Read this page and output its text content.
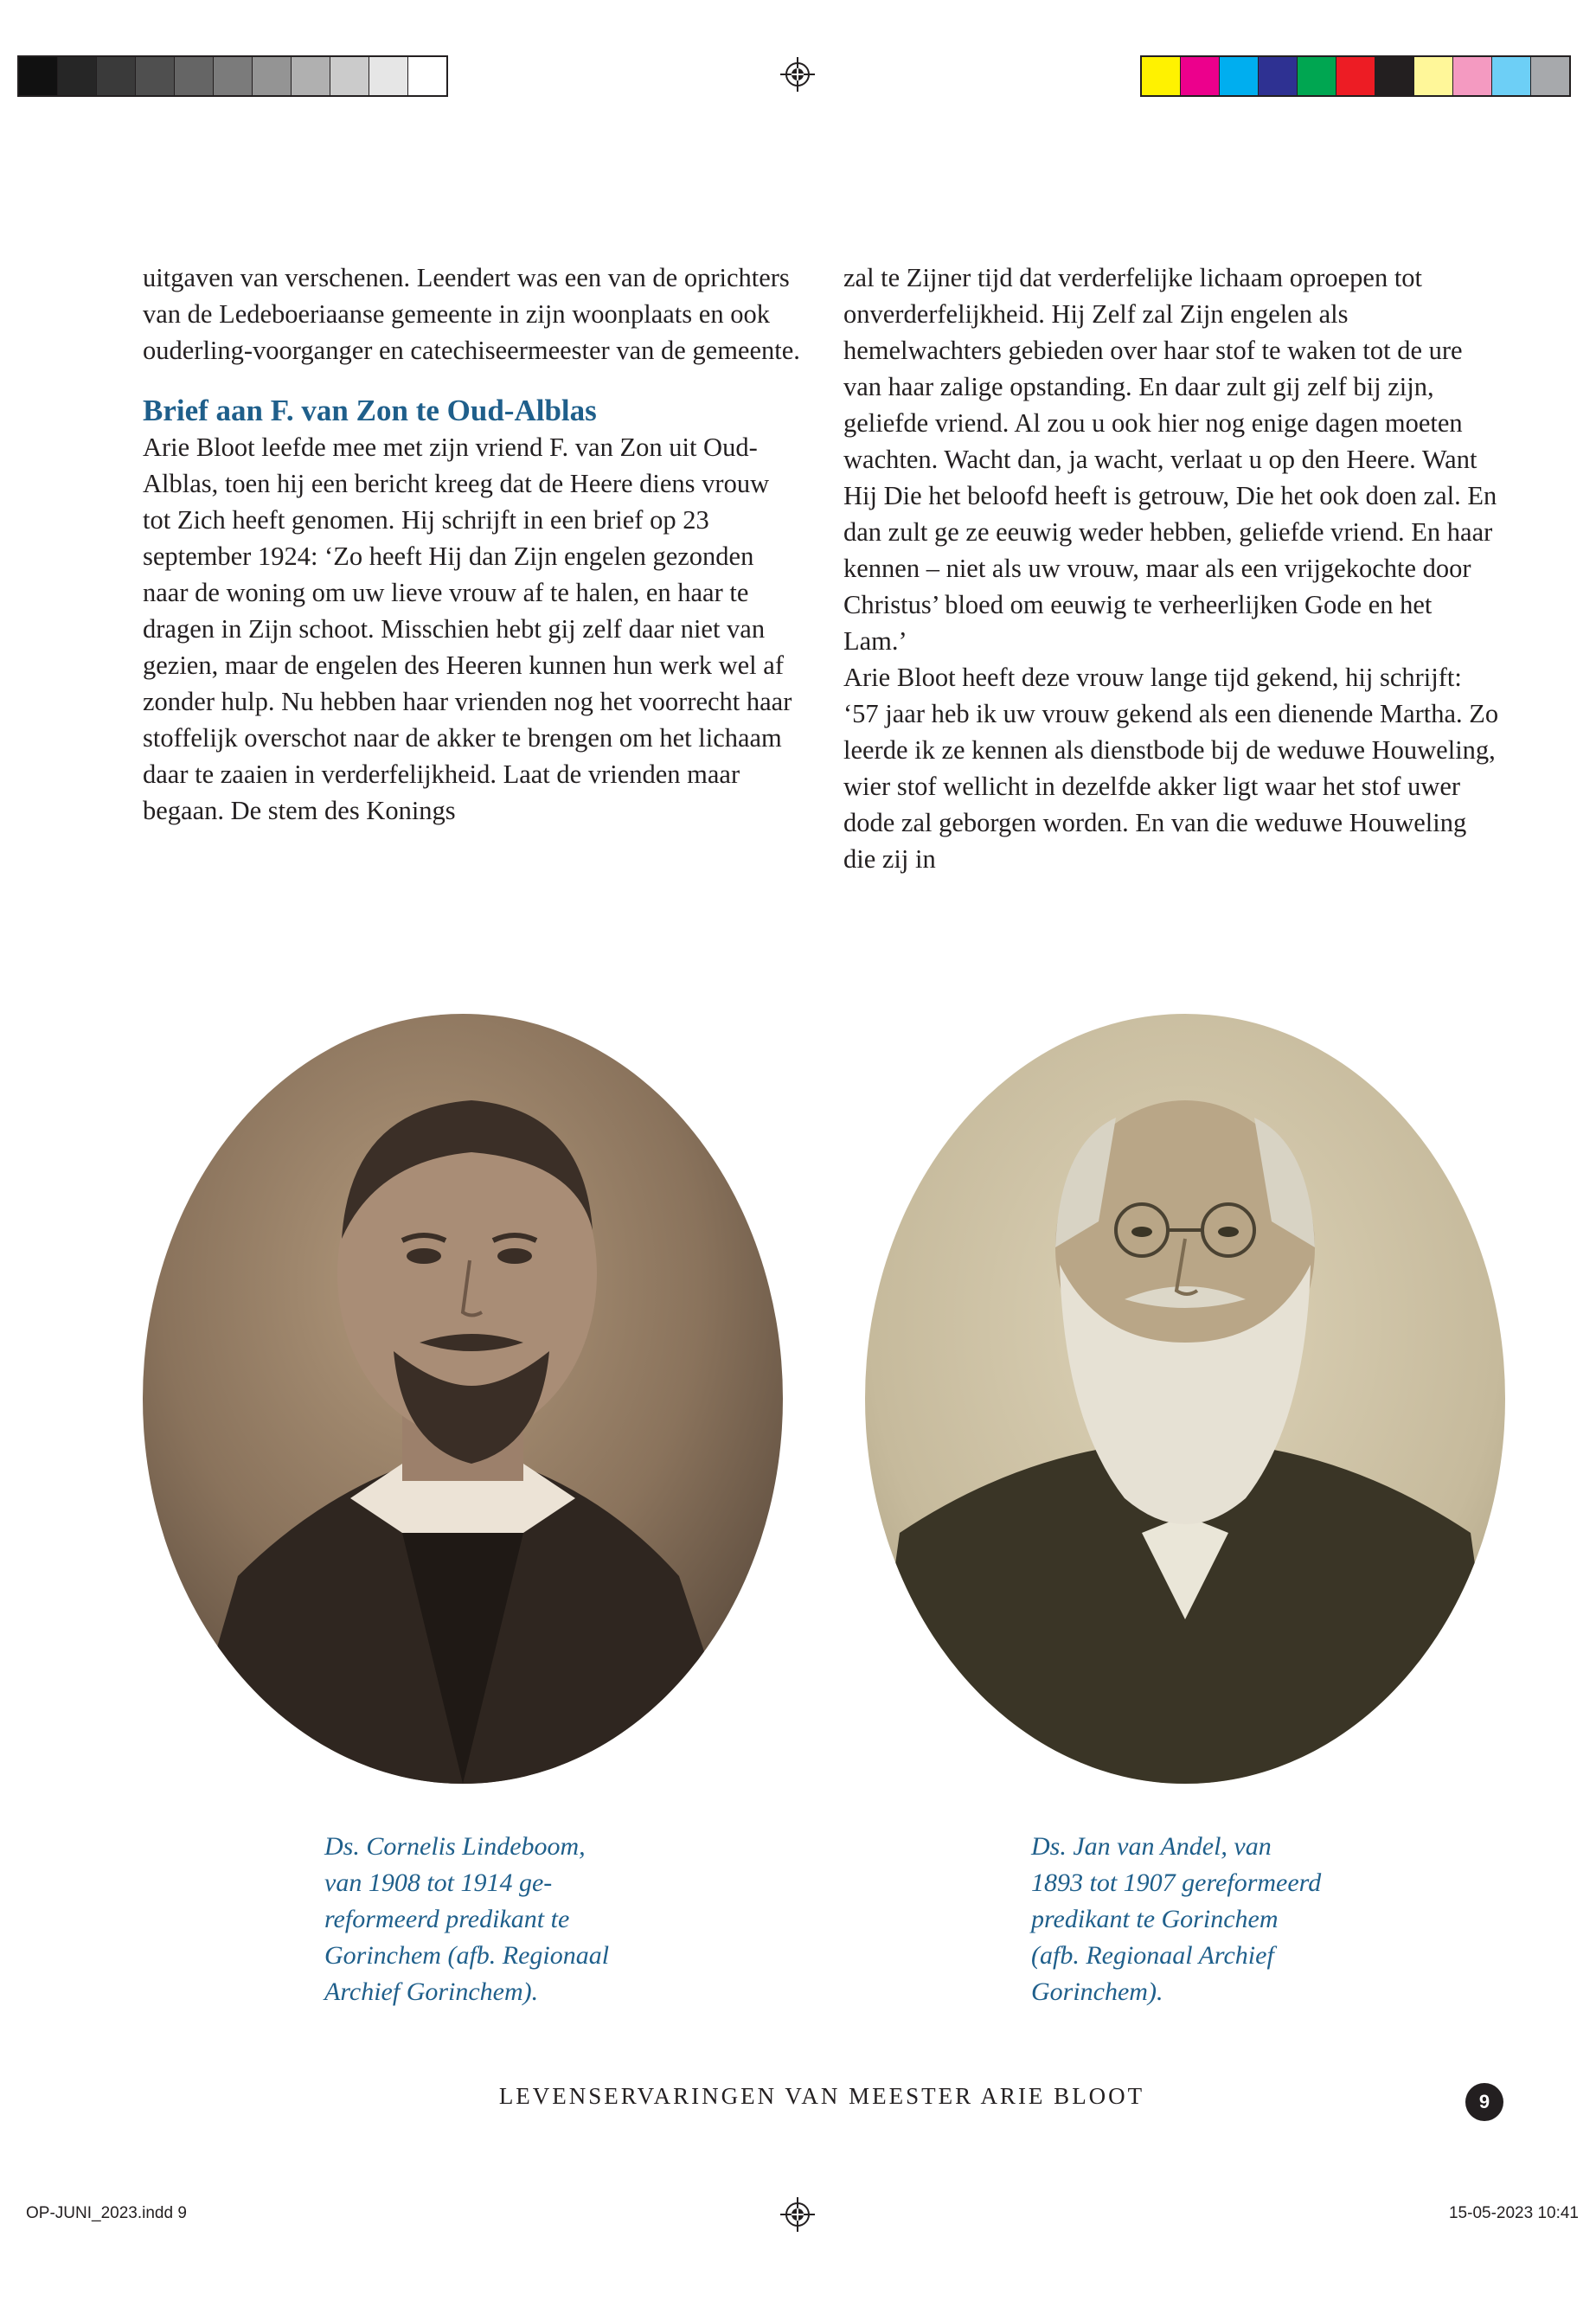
uitgaven van verschenen. Leendert was een van de oprichters van de Ledeboeriaanse gemeente in zijn woonplaats en ook ouderling-voorganger en catechiseermeester van de gemeente.

Brief aan F. van Zon te Oud-Alblas

Arie Bloot leefde mee met zijn vriend F. van Zon uit Oud-Alblas, toen hij een bericht kreeg dat de Heere diens vrouw tot Zich heeft genomen. Hij schrijft in een brief op 23 september 1924: ‘Zo heeft Hij dan Zijn engelen gezonden naar de woning om uw lieve vrouw af te halen, en haar te dragen in Zijn schoot. Misschien hebt gij zelf daar niet van gezien, maar de engelen des Heeren kunnen hun werk wel af zonder hulp. Nu hebben haar vrienden nog het voorrecht haar stoffelijk overschot naar de akker te brengen om het lichaam daar te zaaien in verderfelijkheid. Laat de vrienden maar begaan. De stem des Konings

zal te Zijner tijd dat verderfelijke lichaam oproepen tot onverderfelijkheid. Hij Zelf zal Zijn engelen als hemelwachters gebieden over haar stof te waken tot de ure van haar zalige opstanding. En daar zult gij zelf bij zijn, geliefde vriend. Al zou u ook hier nog enige dagen moeten wachten. Wacht dan, ja wacht, verlaat u op den Heere. Want Hij Die het beloofd heeft is getrouw, Die het ook doen zal. En dan zult ge ze eeuwig weder hebben, geliefde vriend. En haar kennen – niet als uw vrouw, maar als een vrijgekochte door Christus’ bloed om eeuwig te verheerlijken Gode en het Lam.’

Arie Bloot heeft deze vrouw lange tijd gekend, hij schrijft: ‘57 jaar heb ik uw vrouw gekend als een dienende Martha. Zo leerde ik ze kennen als dienstbode bij de weduwe Houweling, wier stof wellicht in dezelfde akker ligt waar het stof uwer dode zal geborgen worden. En van die weduwe Houweling die zij in

Ds. Cornelis Lindeboom,
van 1908 tot 1914 ge-
reformeerd predikant te
Gorinchem (afb. Regionaal
Archief Gorinchem).
Ds. Jan van Andel, van
1893 tot 1907 gereformeerd
predikant te Gorinchem
(afb. Regionaal Archief
Gorinchem).
LEVENSERVARINGEN VAN MEESTER ARIE BLOOT	9
OP-JUNI_2023.indd 9	15-05-2023 10:41
